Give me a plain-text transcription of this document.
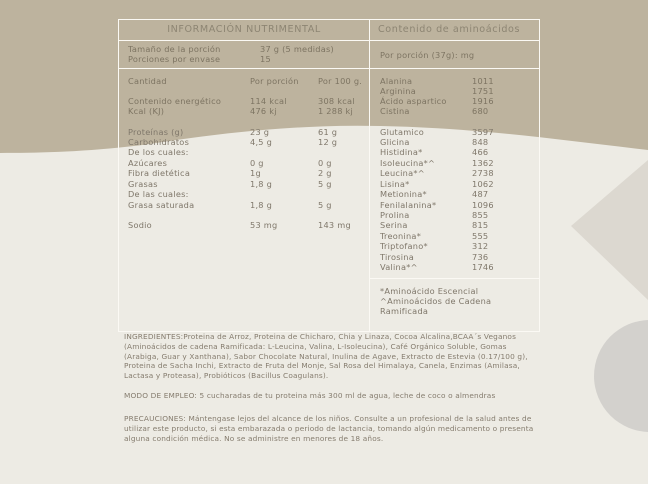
INFORMACIÓN NUTRIMENTAL
Tamaño de la porción	37 g (5 medidas)
Porciones por envase	15
Cantidad	Por porción Por 100 g.
Contenido energético	114 kcal	308 kcal
Kcal (KJ)	476 kj	1 288 kj
Proteínas (g)	23 g	61 g
Carbohidratos	4,5 g	12 g
De los cuales:
Azúcares	0 g	0 g
Fibra dietética	1g	2 g
Grasas	1,8 g	5 g
De las cuales:
Grasa saturada	1,8 g	5 g
Sodio	53 mg	143 mg
Contenido de aminoácidos
Por porción (37g): mg
Alanina	1011
Arginina	1751
Ácido aspartico	1916
Cistina	680
Glutamico	3597
Glicina	848
Histidina*	466
Isoleucina*^	1362
Leucina*^	2738
Lisina*	1062
Metionina*	487
Fenilalanina*	1096
Prolina	855
Serina	815
Treonina*	555
Triptofano*	312
Tirosina	736
Valina*^	1746
*Aminoácido Escencial
^Aminoácidos de Cadena
Ramificada
INGREDIENTES:Proteina de Arroz, Proteina de Chicharo, Chia y Linaza, Cocoa Alcalina,BCAA´s Veganos (Aminoácidos de cadena Ramificada: L-Leucina, Valina, L-Isoleucina), Café Orgánico Soluble, Gomas (Arabiga, Guar y Xanthana), Sabor Chocolate Natural, Inulina de Agave, Extracto de Estevia (0.17/100 g), Proteina de Sacha Inchi, Extracto de Fruta del Monje, Sal Rosa del Himalaya, Canela, Enzimas (Amilasa, Lactasa y Proteasa), Probióticos (Bacillus Coagulans).
MODO DE EMPLEO: 5 cucharadas de tu proteina más 300 ml de agua, leche de coco o almendras
PRECAUCIONES: Mántengase lejos del alcance de los niños. Consulte a un profesional de la salud antes de utilizar este producto, si esta embarazada o periodo de lactancia, tomando algún medicamento o presenta alguna condición médica. No se administre en menores de 18 años.
